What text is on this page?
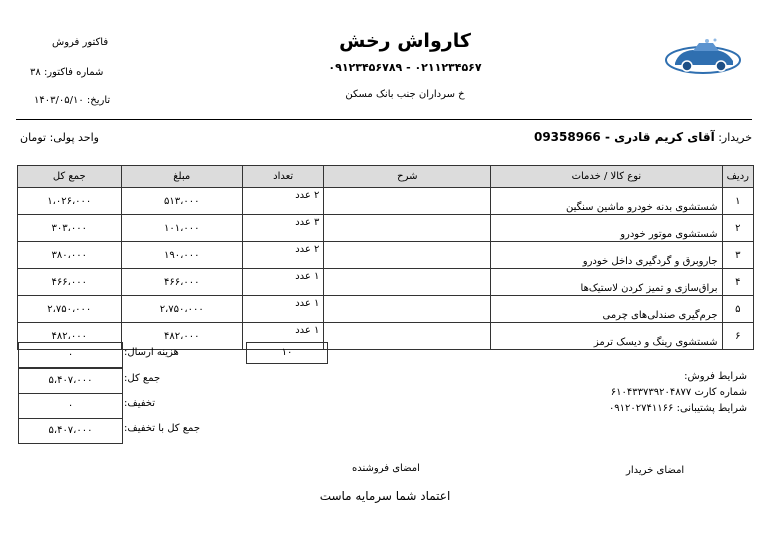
فاکتور فروش
شماره فاکتور: ۳۸
تاریخ: ۱۴۰۳/۰۵/۱۰
کارواش رخش
۰۹۱۲۳۴۵۶۷۸۹ - ۰۲۱۱۲۳۴۵۶۷
خ سرداران جنب بانک مسکن
خریدار: آقای کریم قادری - 09358966
واحد پولی: تومان
جمع کل	مبلغ	تعداد	شرح	نوع کالا / خدمات	ردیف
۱،۰۲۶،۰۰۰	۵۱۳،۰۰۰	۲ عدد		شستشوی بدنه خودرو ماشین سنگین	۱
۳۰۳،۰۰۰	۱۰۱،۰۰۰	۳ عدد		شستشوی موتور خودرو	۲
۳۸۰،۰۰۰	۱۹۰،۰۰۰	۲ عدد		جاروبرق و گردگیری داخل خودرو	۳
۴۶۶،۰۰۰	۴۶۶،۰۰۰	۱ عدد		براق‌سازی و تمیز کردن لاستیک‌ها	۴
۲،۷۵۰،۰۰۰	۲،۷۵۰،۰۰۰	۱ عدد		جرم‌گیری صندلی‌های چرمی	۵
۴۸۲،۰۰۰	۴۸۲،۰۰۰	۱ عدد		شستشوی رینگ و دیسک ترمز	۶
۱۰
۰	هزینه ارسال:
۵،۴۰۷،۰۰۰	جمع کل:
۰	تخفیف:
۵،۴۰۷،۰۰۰	جمع کل با تخفیف:
شرایط فروش:
شماره کارت ۶۱۰۴۳۳۷۳۹۲۰۴۸۷۷
شرایط پشتیبانی: ۰۹۱۲۰۲۷۴۱۱۶۶
امضای خریدار
امضای فروشنده
اعتماد شما سرمایه ماست
